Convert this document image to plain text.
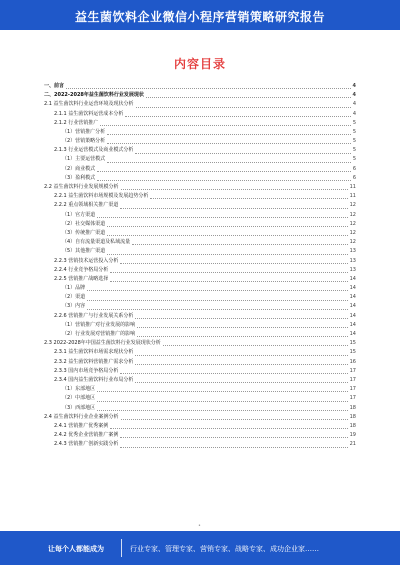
益生菌饮料企业微信小程序营销策略研究报告
内容目录
一、前言	4
二、2022-2028年益生菌饮料行业发展现状	4
2.1 益生菌饮料行业运营环境及现状分析	4
2.1.1 益生菌饮料运营成本分析	4
2.1.2 行业营销推广	5
（1）营销推广分析	5
（2）营销策略分析	5
2.1.3 行业运营模式及商业模式分析	5
（1）主要运营模式	5
（2）商业模式	6
（3）盈利模式	6
2.2 益生菌饮料行业发展规模分析	11
2.2.1 益生菌饮料市场规模及发展趋势分析	11
2.2.2 重点领域相关推广渠道	12
（1）官方渠道	12
（2）社交媒体渠道	12
（3）传统推广渠道	12
（4）自有流量渠道及私域流量	12
（5）其他推广渠道	13
2.2.3 营销技术运营投入分析	13
2.2.4 行业竞争格局分析	13
2.2.5 营销推广战略选择	14
（1）品牌	14
（2）渠道	14
（3）内容	14
2.2.6 营销推广与行业发展关系分析	14
（1）营销推广对行业发展的影响	14
（2）行业发展对营销推广的影响	14
2.3 2022-2028年中国益生菌饮料行业发展现状分析	15
2.3.1 益生菌饮料市场需求现状分析	15
2.3.2 益生菌饮料营销推广需求分析	16
2.3.3 国内市场竞争格局分析	17
2.3.4 国内益生菌饮料行业布局分析	17
（1）东部地区	17
（2）中部地区	17
（3）西部地区	18
2.4 益生菌饮料行业企业案例分析	18
2.4.1 营销推广优秀案例	18
2.4.2 优秀企业营销推广案例	19
2.4.3 营销推广创新实践分析	21
•
让每个人都能成为	行业专家、管理专家、营销专家、战略专家、成功企业家……
